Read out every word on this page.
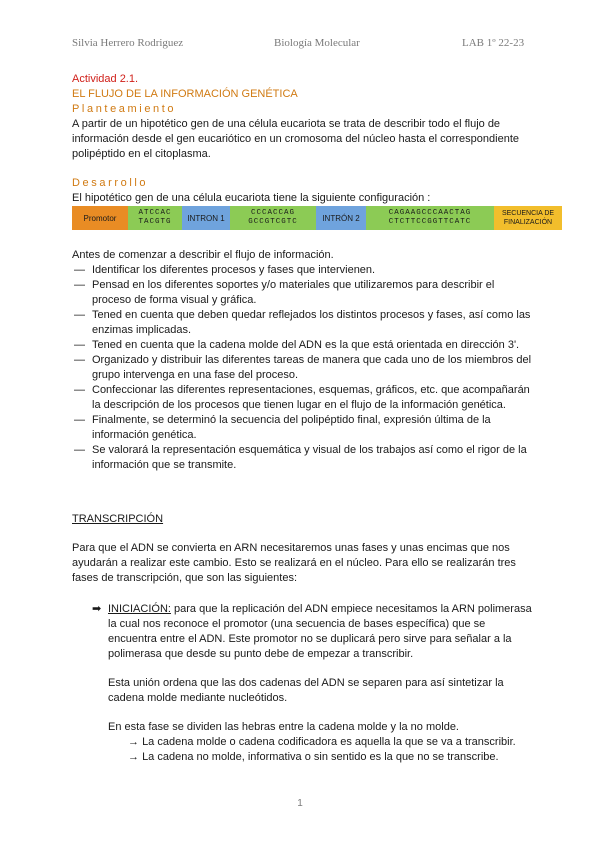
Silvia Herrero Rodriguez	Biología Molecular	LAB 1º 22-23
Actividad 2.1.
EL FLUJO DE LA INFORMACIÓN GENÉTICA
Planteamiento
A partir de un hipotético gen de una célula eucariota se trata de describir todo el flujo de información desde el gen eucariótico en un cromosoma del núcleo hasta el correspondiente polipéptido en el citoplasma.
Desarrollo
El hipotético gen de una célula eucariota tiene la siguiente configuración :
Promotor
ATCCAC
TACGTG	INTRON 1
CCCACCAG
GCCGTCGTC	INTRÓN 2
CAGAAGCCCAACTAG
CTCTTCCGGTTCATC
SECUENCIA DE
FINALIZACIÓN
Antes de comenzar a describir el flujo de información.
— Identificar los diferentes procesos y fases que intervienen.
— Pensad en los diferentes soportes y/o materiales que utilizaremos para describir el proceso de forma visual y gráfica.
— Tened en cuenta que deben quedar reflejados los distintos procesos y fases, así como las enzimas implicadas.
— Tened en cuenta que la cadena molde del ADN es la que está orientada en dirección 3'.
— Organizado y distribuir las diferentes tareas de manera que cada uno de los miembros del grupo intervenga en una fase del proceso.
— Confeccionar las diferentes representaciones, esquemas, gráficos, etc. que acompañarán la descripción de los procesos que tienen lugar en el flujo de la información genética.
— Finalmente, se determinó la secuencia del polipéptido final, expresión última de la información genética.
— Se valorará la representación esquemática y visual de los trabajos así como el rigor de la información que se transmite.
TRANSCRIPCIÓN
Para que el ADN se convierta en ARN necesitaremos unas fases y unas encimas que nos ayudarán a realizar este cambio. Esto se realizará en el núcleo. Para ello se realizarán tres fases de transcripción, que son las siguientes:
➡ INICIACIÓN: para que la replicación del ADN empiece necesitamos la ARN polimerasa la cual nos reconoce el promotor (una secuencia de bases específica) que se encuentra entre el ADN. Este promotor no se duplicará pero sirve para señalar a la polimerasa que desde su punto debe de empezar a transcribir.
Esta unión ordena que las dos cadenas del ADN se separen para así sintetizar la cadena molde mediante nucleótidos.
En esta fase se dividen las hebras entre la cadena molde y la no molde.
→ La cadena molde o cadena codificadora es aquella la que se va a transcribir.
→ La cadena no molde, informativa o sin sentido es la que no se transcribe.
1
